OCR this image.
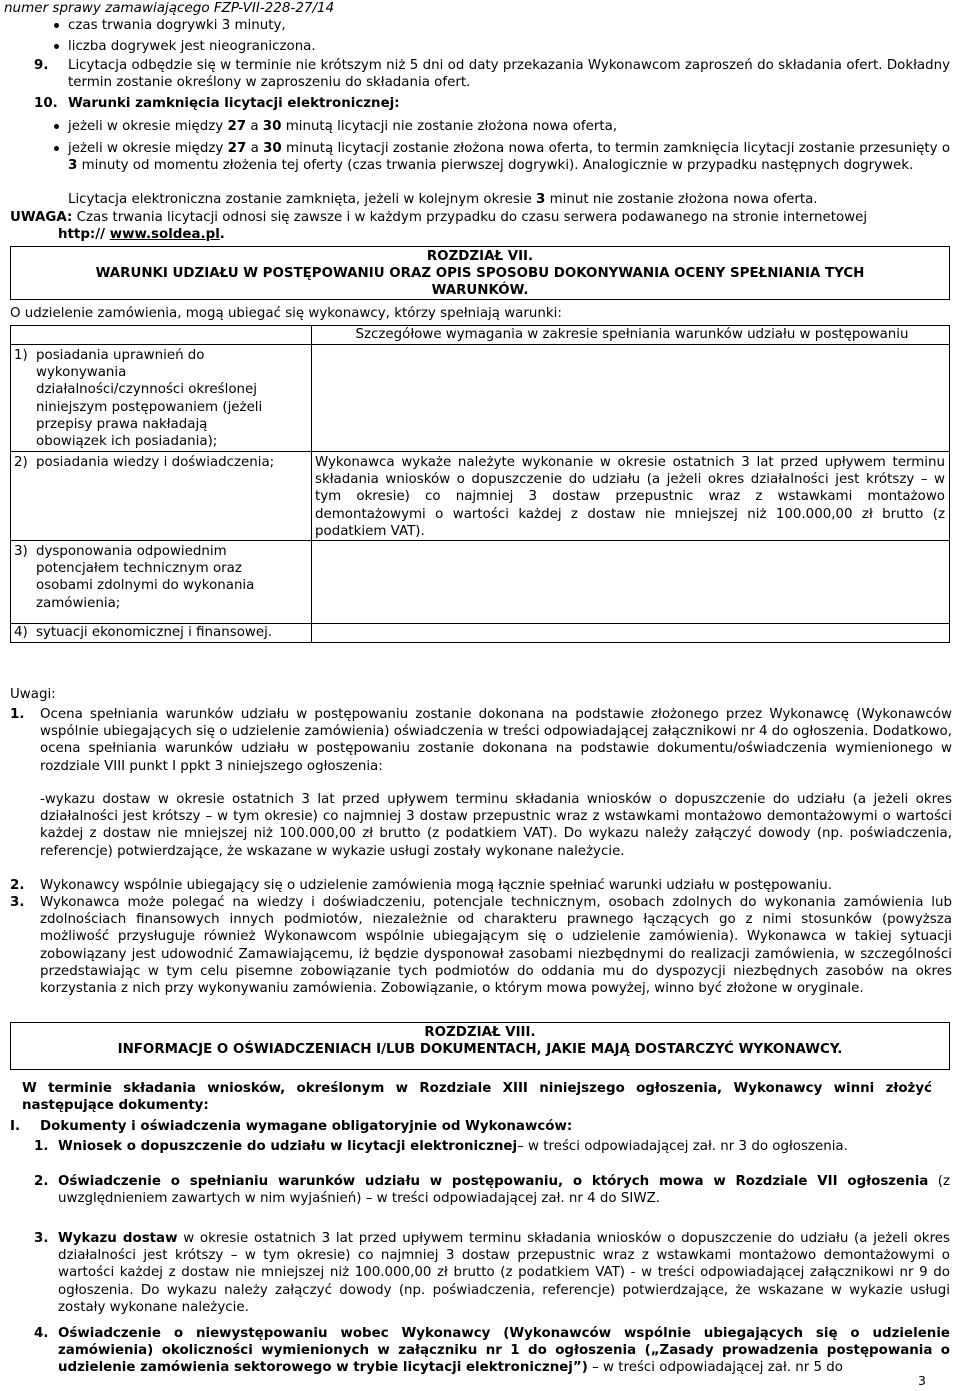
numer sprawy zamawiającego FZP-VII-228-27/14
czas trwania dogrywki 3 minuty,
liczba dogrywek jest nieograniczona.
9. Licytacja odbędzie się w terminie nie krótszym niż 5 dni od daty przekazania Wykonawcom zaproszeń do składania ofert. Dokładny termin zostanie określony w zaproszeniu do składania ofert.
10. Warunki zamknięcia licytacji elektronicznej:
jeżeli w okresie między 27 a 30 minutą licytacji nie zostanie złożona nowa oferta,
jeżeli w okresie między 27 a 30 minutą licytacji zostanie złożona nowa oferta, to termin zamknięcia licytacji zostanie przesunięty o 3 minuty od momentu złożenia tej oferty (czas trwania pierwszej dogrywki). Analogicznie w przypadku następnych dogrywek.
Licytacja elektroniczna zostanie zamknięta, jeżeli w kolejnym okresie 3 minut nie zostanie złożona nowa oferta.
UWAGA: Czas trwania licytacji odnosi się zawsze i w każdym przypadku do czasu serwera podawanego na stronie internetowej
http:// www.soldea.pl.
ROZDZIAŁ VII.
WARUNKI UDZIAŁU W POSTĘPOWANIU ORAZ OPIS SPOSOBU DOKONYWANIA OCENY SPEŁNIANIA TYCH WARUNKÓW.
O udzielenie zamówienia, mogą ubiegać się wykonawcy, którzy spełniają warunki:
	Szczegółowe wymagania w zakresie spełniania warunków udziału w postępowaniu

1) posiadania uprawnień do wykonywania działalności/czynności określonej niniejszym postępowaniem (jeżeli przepisy prawa nakładają obowiązek ich posiadania);	

2) posiadania wiedzy i doświadczenia;	Wykonawca wykaże należyte wykonanie w okresie ostatnich 3 lat przed upływem terminu składania wniosków o dopuszczenie do udziału (a jeżeli okres działalności jest krótszy – w tym okresie) co najmniej 3 dostaw przepustnic wraz z wstawkami montażowo demontażowymi o wartości każdej z dostaw nie mniejszej niż 100.000,00 zł brutto (z podatkiem VAT).

3) dysponowania odpowiednim potencjałem technicznym oraz osobami zdolnymi do wykonania zamówienia;	

4) sytuacji ekonomicznej i finansowej.	

Uwagi:
1.	Ocena spełniania warunków udziału w postępowaniu zostanie dokonana na podstawie złożonego przez Wykonawcę (Wykonawców wspólnie ubiegających się o udzielenie zamówienia) oświadczenia w treści odpowiadającej załącznikowi nr 4 do ogłoszenia. Dodatkowo, ocena spełniania warunków udziału w postępowaniu zostanie dokonana na podstawie dokumentu/oświadczenia wymienionego w rozdziale VIII punkt I ppkt 3 niniejszego ogłoszenia:
-wykazu dostaw w okresie ostatnich 3 lat przed upływem terminu składania wniosków o dopuszczenie do udziału (a jeżeli okres działalności jest krótszy – w tym okresie) co najmniej 3 dostaw przepustnic wraz z wstawkami montażowo demontażowymi o wartości każdej z dostaw nie mniejszej niż 100.000,00 zł brutto (z podatkiem VAT). Do wykazu należy załączyć dowody (np. poświadczenia, referencje) potwierdzające, że wskazane w wykazie usługi zostały wykonane należycie.
2.	Wykonawcy wspólnie ubiegający się o udzielenie zamówienia mogą łącznie spełniać warunki udziału w postępowaniu.
3.	Wykonawca może polegać na wiedzy i doświadczeniu, potencjale technicznym, osobach zdolnych do wykonania zamówienia lub zdolnościach finansowych innych podmiotów, niezależnie od charakteru prawnego łączących go z nimi stosunków (powyższa możliwość przysługuje również Wykonawcom wspólnie ubiegającym się o udzielenie zamówienia). Wykonawca w takiej sytuacji zobowiązany jest udowodnić Zamawiającemu, iż będzie dysponował zasobami niezbędnymi do realizacji zamówienia, w szczególności przedstawiając w tym celu pisemne zobowiązanie tych podmiotów do oddania mu do dyspozycji niezbędnych zasobów na okres korzystania z nich przy wykonywaniu zamówienia. Zobowiązanie, o którym mowa powyżej, winno być złożone w oryginale.
ROZDZIAŁ VIII.
INFORMACJE O OŚWIADCZENIACH I/LUB DOKUMENTACH, JAKIE MAJĄ DOSTARCZYĆ WYKONAWCY.
W terminie składania wniosków, określonym w Rozdziale XIII niniejszego ogłoszenia, Wykonawcy winni złożyć następujące dokumenty:
I.	Dokumenty i oświadczenia wymagane obligatoryjnie od Wykonawców:
1. Wniosek o dopuszczenie do udziału w licytacji elektronicznej– w treści odpowiadającej zał. nr 3 do ogłoszenia.
2. Oświadczenie o spełnianiu warunków udziału w postępowaniu, o których mowa w Rozdziale VII ogłoszenia (z uwzględnieniem zawartych w nim wyjaśnień) – w treści odpowiadającej zał. nr 4 do SIWZ.
3. Wykazu dostaw w okresie ostatnich 3 lat przed upływem terminu składania wniosków o dopuszczenie do udziału (a jeżeli okres działalności jest krótszy – w tym okresie) co najmniej 3 dostaw przepustnic wraz z wstawkami montażowo demontażowymi o wartości każdej z dostaw nie mniejszej niż 100.000,00 zł brutto (z podatkiem VAT) - w treści odpowiadającej załącznikowi nr 9 do ogłoszenia. Do wykazu należy załączyć dowody (np. poświadczenia, referencje) potwierdzające, że wskazane w wykazie usługi zostały wykonane należycie.
4. Oświadczenie o niewystępowaniu wobec Wykonawcy (Wykonawców wspólnie ubiegających się o udzielenie zamówienia) okoliczności wymienionych w załączniku nr 1 do ogłoszenia („Zasady prowadzenia postępowania o udzielenie zamówienia sektorowego w trybie licytacji elektronicznej”) – w treści odpowiadającej zał. nr 5 do
3
